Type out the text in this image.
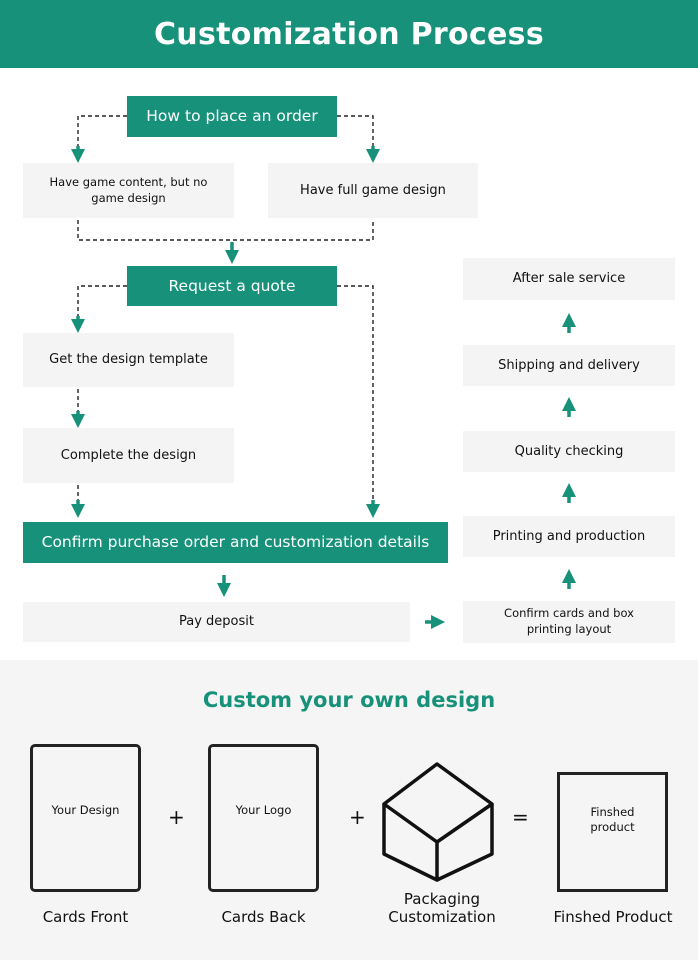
Customization Process
How to place an order
Have game content, but no game design	Have full game design
Request a quote
Get the design template
Complete the design
Confirm purchase order and customization details
Pay deposit
After sale service
Shipping and delivery
Quality checking
Printing and production
Confirm cards and box printing layout
Custom your own design
Your Design
Cards Front
+	Your Logo
Cards Back
+
Packaging Customization
=	Finshed product
Finshed Product
